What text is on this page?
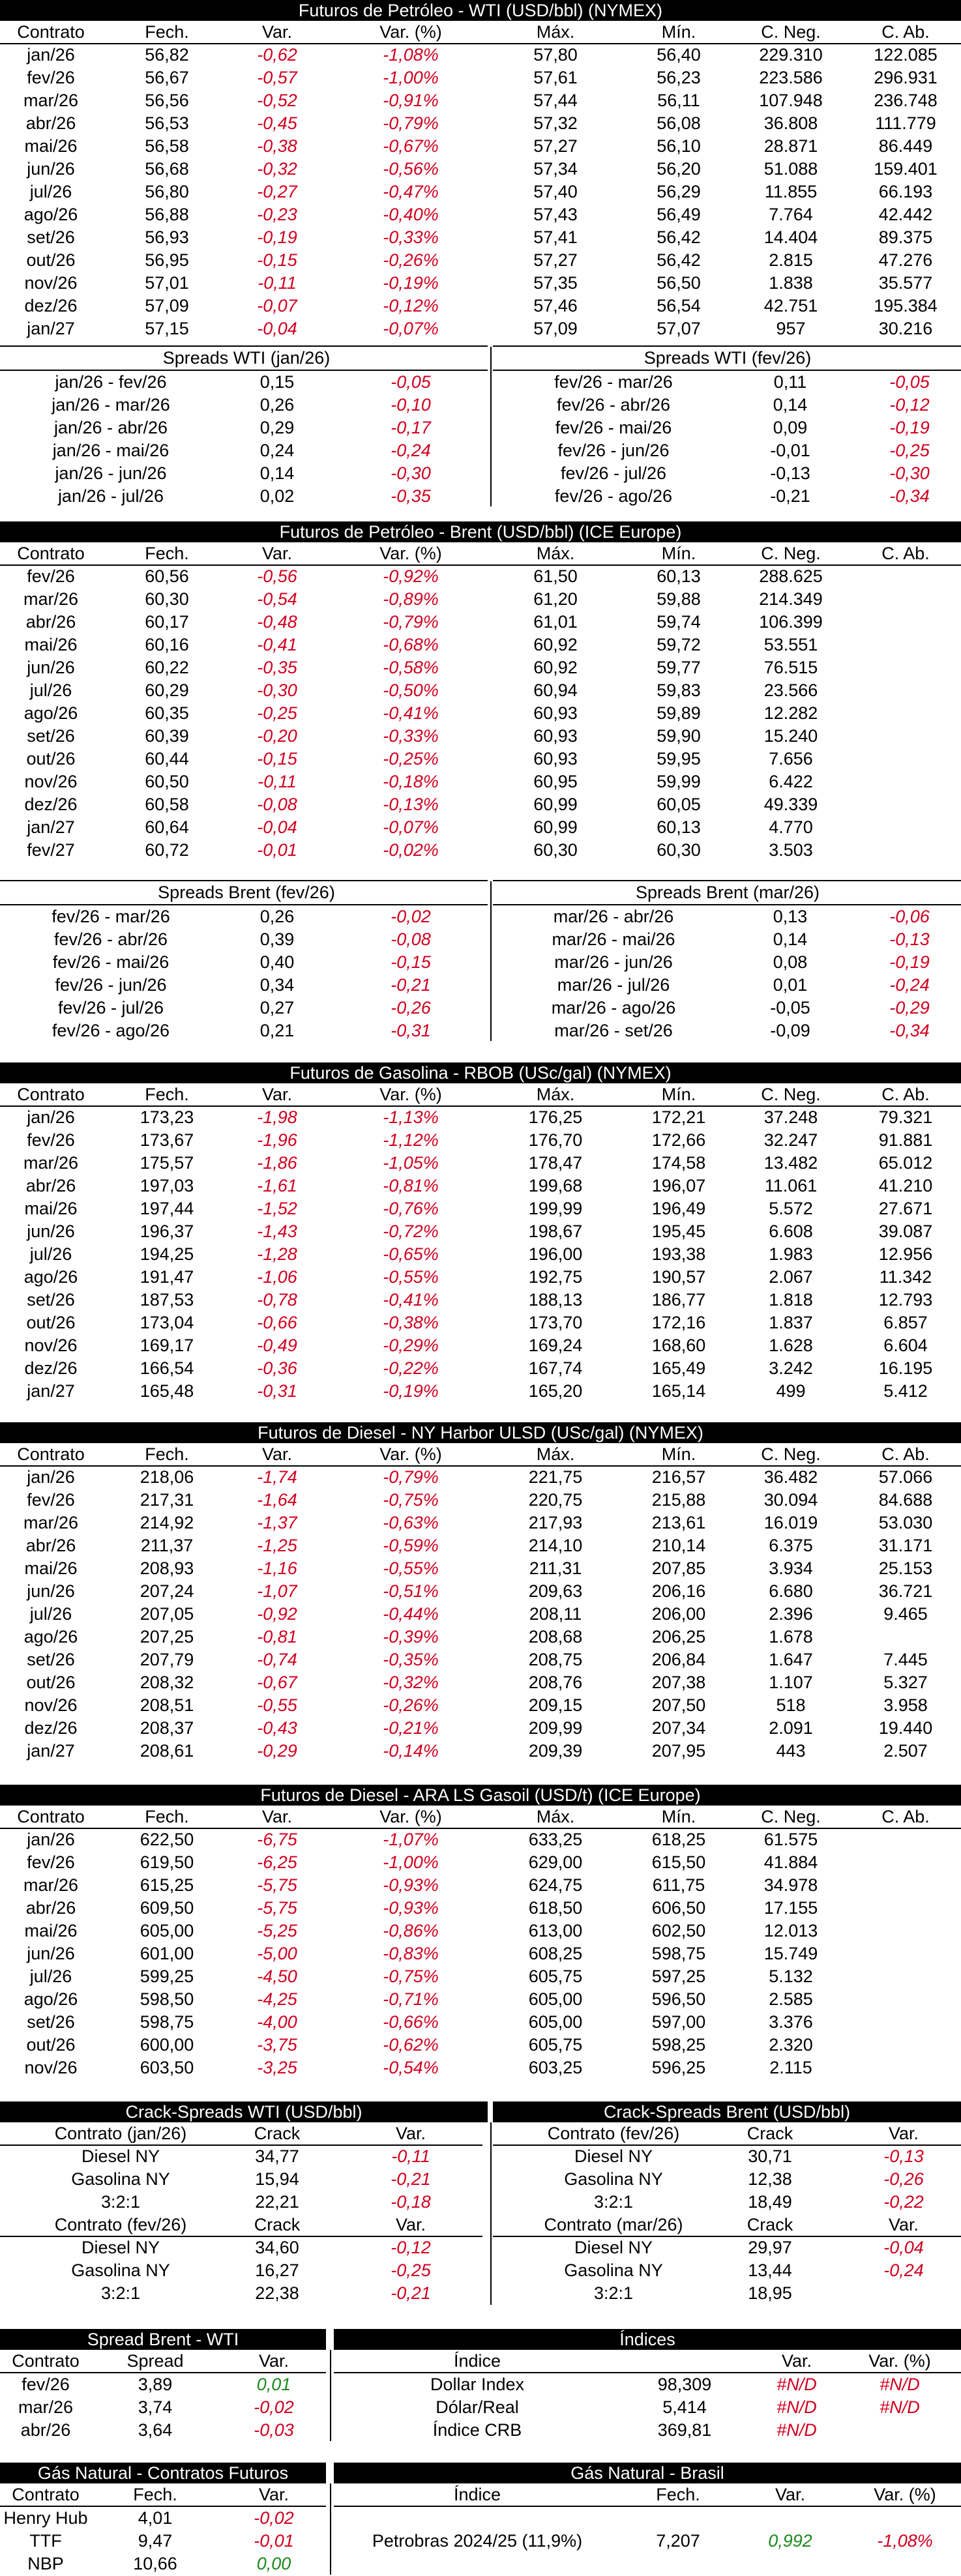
Futuros de Petróleo - WTI (USD/bbl) (NYMEX)
Contrato	Fech.	Var.	Var. (%)	Máx.	Mín.	C. Neg.	C. Ab.
jan/26	56,82	-0,62	-1,08%	57,80	56,40	229.310	122.085
fev/26	56,67	-0,57	-1,00%	57,61	56,23	223.586	296.931
mar/26	56,56	-0,52	-0,91%	57,44	56,11	107.948	236.748
abr/26	56,53	-0,45	-0,79%	57,32	56,08	36.808	111.779
mai/26	56,58	-0,38	-0,67%	57,27	56,10	28.871	86.449
jun/26	56,68	-0,32	-0,56%	57,34	56,20	51.088	159.401
jul/26	56,80	-0,27	-0,47%	57,40	56,29	11.855	66.193
ago/26	56,88	-0,23	-0,40%	57,43	56,49	7.764	42.442
set/26	56,93	-0,19	-0,33%	57,41	56,42	14.404	89.375
out/26	56,95	-0,15	-0,26%	57,27	56,42	2.815	47.276
nov/26	57,01	-0,11	-0,19%	57,35	56,50	1.838	35.577
dez/26	57,09	-0,07	-0,12%	57,46	56,54	42.751	195.384
jan/27	57,15	-0,04	-0,07%	57,09	57,07	957	30.216
Spreads WTI (jan/26)	Spreads WTI (fev/26)
jan/26 - fev/26	0,15	-0,05	fev/26 - mar/26	0,11	-0,05
jan/26 - mar/26	0,26	-0,10	fev/26 - abr/26	0,14	-0,12
jan/26 - abr/26	0,29	-0,17	fev/26 - mai/26	0,09	-0,19
jan/26 - mai/26	0,24	-0,24	fev/26 - jun/26	-0,01	-0,25
jan/26 - jun/26	0,14	-0,30	fev/26 - jul/26	-0,13	-0,30
jan/26 - jul/26	0,02	-0,35	fev/26 - ago/26	-0,21	-0,34
Futuros de Petróleo - Brent (USD/bbl) (ICE Europe)
Contrato	Fech.	Var.	Var. (%)	Máx.	Mín.	C. Neg.	C. Ab.
fev/26	60,56	-0,56	-0,92%	61,50	60,13	288.625
mar/26	60,30	-0,54	-0,89%	61,20	59,88	214.349
abr/26	60,17	-0,48	-0,79%	61,01	59,74	106.399
mai/26	60,16	-0,41	-0,68%	60,92	59,72	53.551
jun/26	60,22	-0,35	-0,58%	60,92	59,77	76.515
jul/26	60,29	-0,30	-0,50%	60,94	59,83	23.566
ago/26	60,35	-0,25	-0,41%	60,93	59,89	12.282
set/26	60,39	-0,20	-0,33%	60,93	59,90	15.240
out/26	60,44	-0,15	-0,25%	60,93	59,95	7.656
nov/26	60,50	-0,11	-0,18%	60,95	59,99	6.422
dez/26	60,58	-0,08	-0,13%	60,99	60,05	49.339
jan/27	60,64	-0,04	-0,07%	60,99	60,13	4.770
fev/27	60,72	-0,01	-0,02%	60,30	60,30	3.503
Spreads Brent (fev/26)	Spreads Brent (mar/26)
fev/26 - mar/26	0,26	-0,02	mar/26 - abr/26	0,13	-0,06
fev/26 - abr/26	0,39	-0,08	mar/26 - mai/26	0,14	-0,13
fev/26 - mai/26	0,40	-0,15	mar/26 - jun/26	0,08	-0,19
fev/26 - jun/26	0,34	-0,21	mar/26 - jul/26	0,01	-0,24
fev/26 - jul/26	0,27	-0,26	mar/26 - ago/26	-0,05	-0,29
fev/26 - ago/26	0,21	-0,31	mar/26 - set/26	-0,09	-0,34
Futuros de Gasolina - RBOB (USc/gal) (NYMEX)
Contrato	Fech.	Var.	Var. (%)	Máx.	Mín.	C. Neg.	C. Ab.
jan/26	173,23	-1,98	-1,13%	176,25	172,21	37.248	79.321
fev/26	173,67	-1,96	-1,12%	176,70	172,66	32.247	91.881
mar/26	175,57	-1,86	-1,05%	178,47	174,58	13.482	65.012
abr/26	197,03	-1,61	-0,81%	199,68	196,07	11.061	41.210
mai/26	197,44	-1,52	-0,76%	199,99	196,49	5.572	27.671
jun/26	196,37	-1,43	-0,72%	198,67	195,45	6.608	39.087
jul/26	194,25	-1,28	-0,65%	196,00	193,38	1.983	12.956
ago/26	191,47	-1,06	-0,55%	192,75	190,57	2.067	11.342
set/26	187,53	-0,78	-0,41%	188,13	186,77	1.818	12.793
out/26	173,04	-0,66	-0,38%	173,70	172,16	1.837	6.857
nov/26	169,17	-0,49	-0,29%	169,24	168,60	1.628	6.604
dez/26	166,54	-0,36	-0,22%	167,74	165,49	3.242	16.195
jan/27	165,48	-0,31	-0,19%	165,20	165,14	499	5.412
Futuros de Diesel - NY Harbor ULSD (USc/gal) (NYMEX)
Contrato	Fech.	Var.	Var. (%)	Máx.	Mín.	C. Neg.	C. Ab.
jan/26	218,06	-1,74	-0,79%	221,75	216,57	36.482	57.066
fev/26	217,31	-1,64	-0,75%	220,75	215,88	30.094	84.688
mar/26	214,92	-1,37	-0,63%	217,93	213,61	16.019	53.030
abr/26	211,37	-1,25	-0,59%	214,10	210,14	6.375	31.171
mai/26	208,93	-1,16	-0,55%	211,31	207,85	3.934	25.153
jun/26	207,24	-1,07	-0,51%	209,63	206,16	6.680	36.721
jul/26	207,05	-0,92	-0,44%	208,11	206,00	2.396	9.465
ago/26	207,25	-0,81	-0,39%	208,68	206,25	1.678
set/26	207,79	-0,74	-0,35%	208,75	206,84	1.647	7.445
out/26	208,32	-0,67	-0,32%	208,76	207,38	1.107	5.327
nov/26	208,51	-0,55	-0,26%	209,15	207,50	518	3.958
dez/26	208,37	-0,43	-0,21%	209,99	207,34	2.091	19.440
jan/27	208,61	-0,29	-0,14%	209,39	207,95	443	2.507
Futuros de Diesel - ARA LS Gasoil (USD/t) (ICE Europe)
Contrato	Fech.	Var.	Var. (%)	Máx.	Mín.	C. Neg.	C. Ab.
jan/26	622,50	-6,75	-1,07%	633,25	618,25	61.575
fev/26	619,50	-6,25	-1,00%	629,00	615,50	41.884
mar/26	615,25	-5,75	-0,93%	624,75	611,75	34.978
abr/26	609,50	-5,75	-0,93%	618,50	606,50	17.155
mai/26	605,00	-5,25	-0,86%	613,00	602,50	12.013
jun/26	601,00	-5,00	-0,83%	608,25	598,75	15.749
jul/26	599,25	-4,50	-0,75%	605,75	597,25	5.132
ago/26	598,50	-4,25	-0,71%	605,00	596,50	2.585
set/26	598,75	-4,00	-0,66%	605,00	597,00	3.376
out/26	600,00	-3,75	-0,62%	605,75	598,25	2.320
nov/26	603,50	-3,25	-0,54%	603,25	596,25	2.115
Crack-Spreads WTI (USD/bbl)	Crack-Spreads Brent (USD/bbl)
Contrato (jan/26)	Crack	Var.
Diesel NY	34,77	-0,11
Gasolina NY	15,94	-0,21
3:2:1	22,21	-0,18
Contrato (fev/26)	Crack	Var.
Diesel NY	34,60	-0,12
Gasolina NY	16,27	-0,25
3:2:1	22,38	-0,21
Contrato (fev/26)	Crack	Var.
Diesel NY	30,71	-0,13
Gasolina NY	12,38	-0,26
3:2:1	18,49	-0,22
Contrato (mar/26)	Crack	Var.
Diesel NY	29,97	-0,04
Gasolina NY	13,44	-0,24
3:2:1	18,95
Spread Brent - WTI	Índices
Contrato	Spread	Var.
fev/26	3,89	0,01
mar/26	3,74	-0,02
abr/26	3,64	-0,03
Índice	Var.	Var. (%)
Dollar Index	98,309	#N/D	#N/D
Dólar/Real	5,414	#N/D	#N/D
Índice CRB	369,81	#N/D
Gás Natural - Contratos Futuros	Gás Natural - Brasil
Contrato	Fech.	Var.
Henry Hub	4,01	-0,02
TTF	9,47	-0,01
NBP	10,66	0,00
Índice	Fech.	Var.	Var. (%)
Petrobras 2024/25 (11,9%)	7,207	0,992	-1,08%
